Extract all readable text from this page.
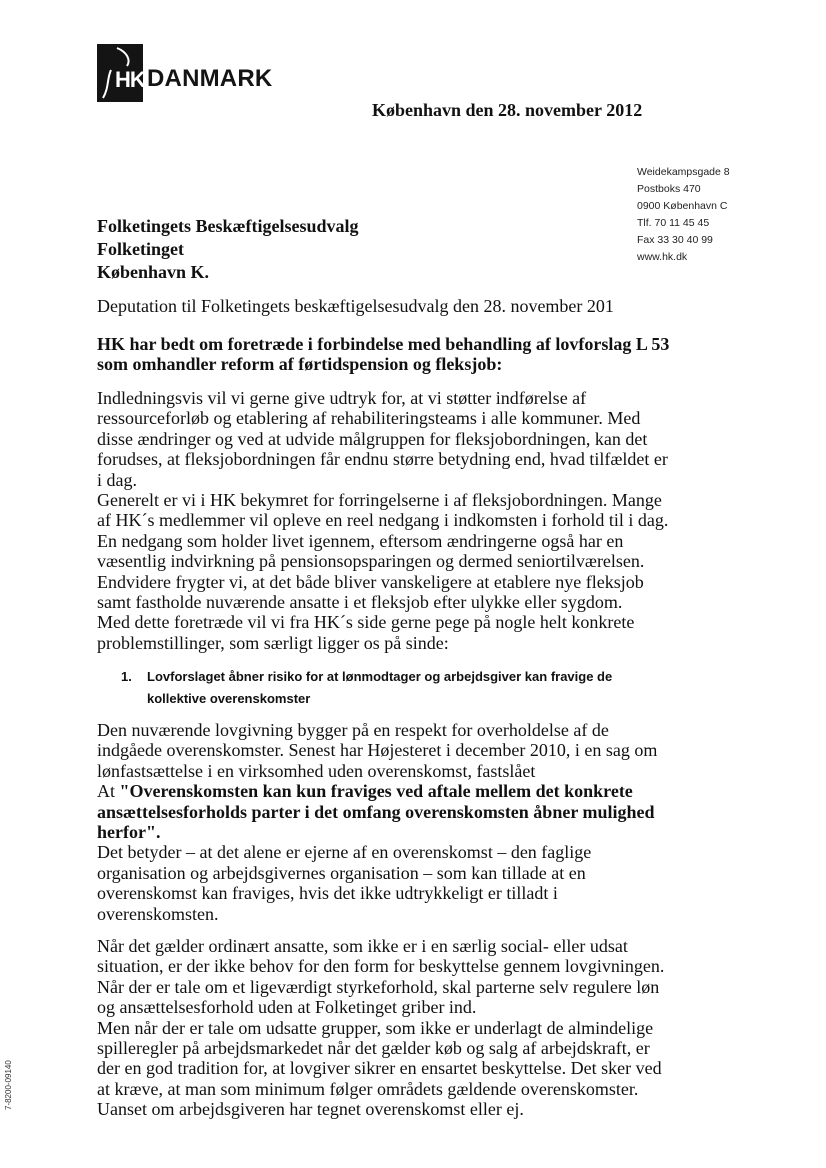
HK DANMARK
København den 28. november 2012
Weidekampsgade 8
Postboks 470
0900 København C
Tlf. 70 11 45 45
Fax 33 30 40 99
www.hk.dk
Folketingets Beskæftigelsesudvalg
Folketinget
København K.
Deputation til Folketingets beskæftigelsesudvalg den 28. november 201
HK har bedt om foretræde i forbindelse med behandling af lovforslag L 53
som omhandler reform af førtidspension og fleksjob:
Indledningsvis vil vi gerne give udtryk for, at vi støtter indførelse af
ressourceforløb og etablering af rehabiliteringsteams i alle kommuner. Med
disse ændringer og ved at udvide målgruppen for fleksjobordningen, kan det
forudses, at fleksjobordningen får endnu større betydning end, hvad tilfældet er
i dag.
Generelt er vi i HK bekymret for forringelserne i af fleksjobordningen. Mange
af HK´s medlemmer vil opleve en reel nedgang i indkomsten i forhold til i dag.
En nedgang som holder livet igennem, eftersom ændringerne også har en
væsentlig indvirkning på pensionsopsparingen og dermed seniortilværelsen.
Endvidere frygter vi, at det både bliver vanskeligere at etablere nye fleksjob
samt fastholde nuværende ansatte i et fleksjob efter ulykke eller sygdom.
Med dette foretræde vil vi fra HK´s side gerne pege på nogle helt konkrete
problemstillinger, som særligt ligger os på sinde:
1.	Lovforslaget åbner risiko for at lønmodtager og arbejdsgiver kan fravige de
kollektive overenskomster
Den nuværende lovgivning bygger på en respekt for overholdelse af de
indgåede overenskomster. Senest har Højesteret i december 2010, i en sag om
lønfastsættelse i en virksomhed uden overenskomst, fastslået
At "Overenskomsten kan kun fraviges ved aftale mellem det konkrete
ansættelsesforholds parter i det omfang overenskomsten åbner mulighed
herfor".
Det betyder – at det alene er ejerne af en overenskomst – den faglige
organisation og arbejdsgivernes organisation – som kan tillade at en
overenskomst kan fraviges, hvis det ikke udtrykkeligt er tilladt i
overenskomsten.
Når det gælder ordinært ansatte, som ikke er i en særlig social- eller udsat
situation, er der ikke behov for den form for beskyttelse gennem lovgivningen.
Når der er tale om et ligeværdigt styrkeforhold, skal parterne selv regulere løn
og ansættelsesforhold uden at Folketinget griber ind.
Men når der er tale om udsatte grupper, som ikke er underlagt de almindelige
spilleregler på arbejdsmarkedet når det gælder køb og salg af arbejdskraft, er
der en god tradition for, at lovgiver sikrer en ensartet beskyttelse. Det sker ved
at kræve, at man som minimum følger områdets gældende overenskomster.
Uanset om arbejdsgiveren har tegnet overenskomst eller ej.
7-8200-09140
